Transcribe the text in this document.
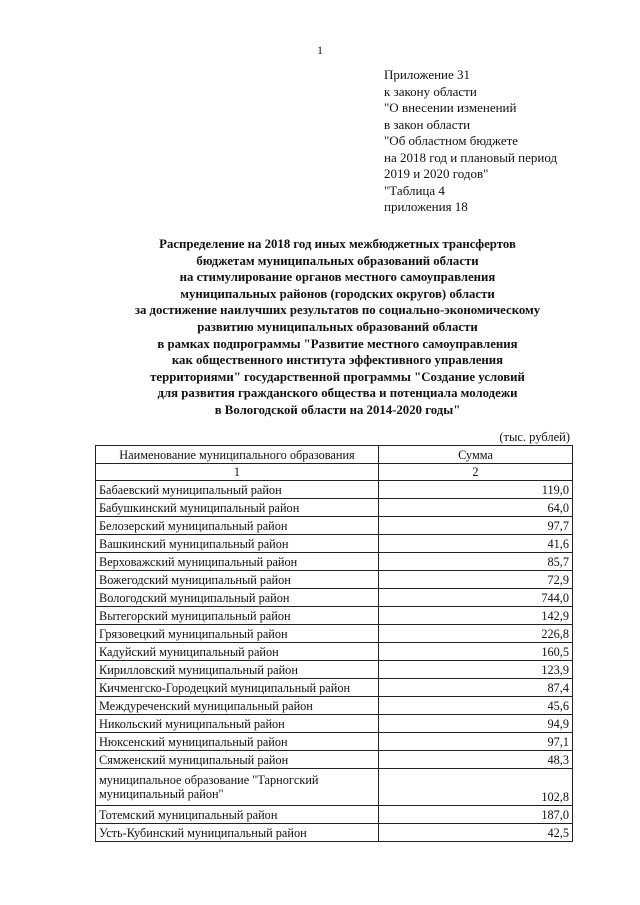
1
Приложение 31
к закону области
"О внесении изменений
в закон области
"Об областном бюджете
на 2018 год и плановый период
2019 и 2020 годов"
"Таблица 4
приложения 18
Распределение на 2018 год иных межбюджетных трансфертов
бюджетам муниципальных образований области
на стимулирование органов местного самоуправления
муниципальных районов (городских округов) области
за достижение наилучших результатов по социально-экономическому
развитию муниципальных образований области
в рамках подпрограммы "Развитие местного самоуправления
как общественного института эффективного управления
территориями" государственной программы "Создание условий
для развития гражданского общества и потенциала молодежи
в Вологодской области на 2014-2020 годы"
(тыс. рублей)
Наименование муниципального образования	Сумма
1	2
Бабаевский муниципальный район	119,0
Бабушкинский муниципальный район	64,0
Белозерский муниципальный район	97,7
Вашкинский муниципальный район	41,6
Верховажский муниципальный район	85,7
Вожегодский муниципальный район	72,9
Вологодский муниципальный район	744,0
Вытегорский муниципальный район	142,9
Грязовецкий муниципальный район	226,8
Кадуйский муниципальный район	160,5
Кирилловский муниципальный район	123,9
Кичменгско-Городецкий муниципальный район	87,4
Междуреченский муниципальный район	45,6
Никольский муниципальный район	94,9
Нюксенский муниципальный район	97,1
Сямженский муниципальный район	48,3

муниципальное образование "Тарногский
муниципальный район"	102,8
Тотемский муниципальный район	187,0
Усть-Кубинский муниципальный район	42,5
